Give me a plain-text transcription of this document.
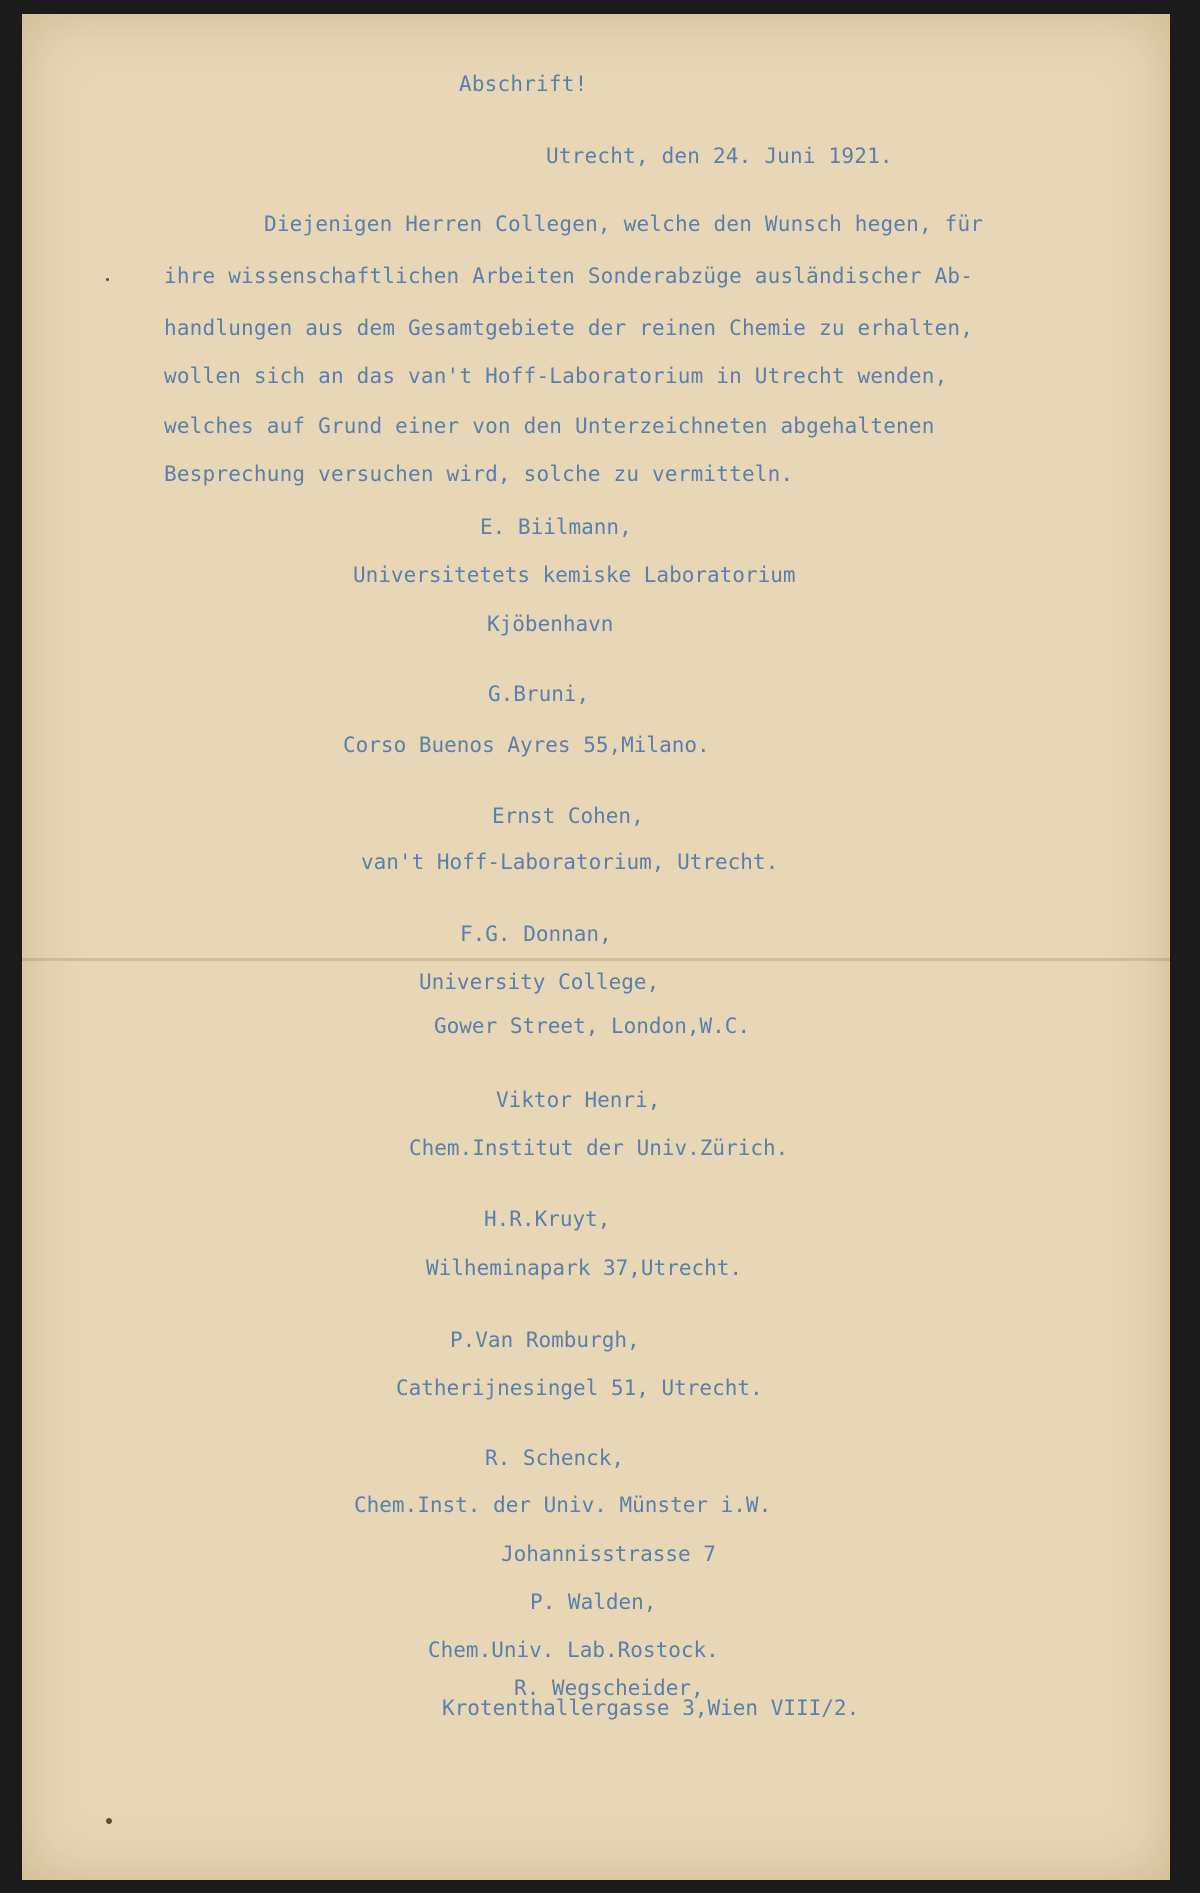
Abschrift!

Utrecht, den 24. Juni 1921.

Diejenigen Herren Collegen, welche den Wunsch hegen, für

ihre wissenschaftlichen Arbeiten Sonderabzüge ausländischer Ab-

handlungen aus dem Gesamtgebiete der reinen Chemie zu erhalten,

wollen sich an das van't Hoff-Laboratorium in Utrecht wenden,

welches auf Grund einer von den Unterzeichneten abgehaltenen

Besprechung versuchen wird, solche zu vermitteln.

E. Biilmann,
Universitetets kemiske Laboratorium
Kjöbenhavn
G.Bruni,
Corso Buenos Ayres 55,Milano.
Ernst Cohen,
van't Hoff-Laboratorium, Utrecht.
F.G. Donnan,
University College,
Gower Street, London,W.C.
Viktor Henri,
Chem.Institut der Univ.Zürich.
H.R.Kruyt,
Wilheminapark 37,Utrecht.
P.Van Romburgh,
Catherijnesingel 51, Utrecht.
R. Schenck,
Chem.Inst. der Univ. Münster i.W.
Johannisstrasse 7
P. Walden,
Chem.Univ. Lab.Rostock.
R. Wegscheider,
Krotenthallergasse 3,Wien VIII/2.
